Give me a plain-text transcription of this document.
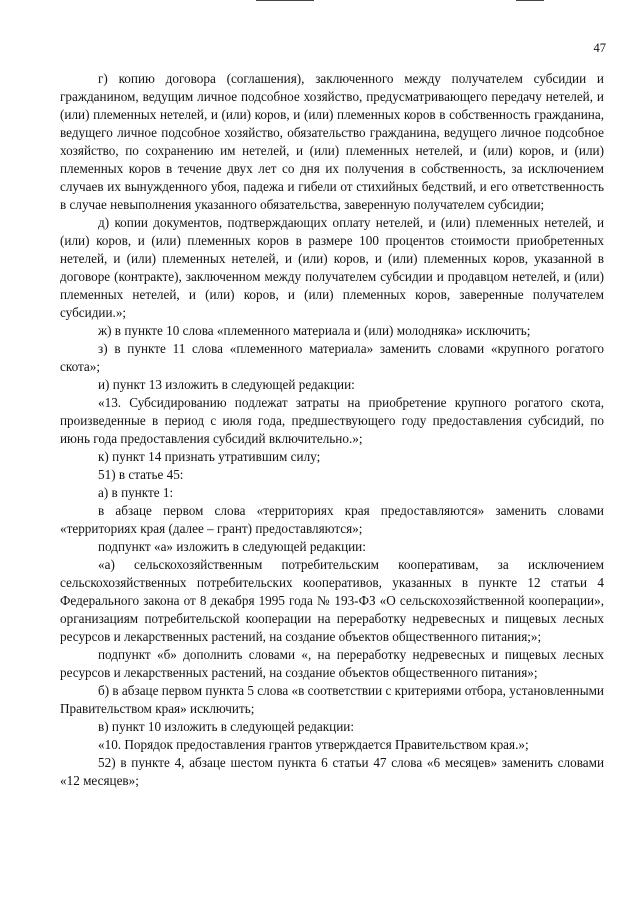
47

г) копию договора (соглашения), заключенного между получателем субсидии и гражданином, ведущим личное подсобное хозяйство, предусматривающего передачу нетелей, и (или) племенных нетелей, и (или) коров, и (или) племенных коров в собственность гражданина, ведущего личное подсобное хозяйство, обязательство гражданина, ведущего личное подсобное хозяйство, по сохранению им нетелей, и (или) племенных нетелей, и (или) коров, и (или) племенных коров в течение двух лет со дня их получения в собственность, за исключением случаев их вынужденного убоя, падежа и гибели от стихийных бедствий, и его ответственность в случае невыполнения указанного обязательства, заверенную получателем субсидии;

д) копии документов, подтверждающих оплату нетелей, и (или) племенных нетелей, и (или) коров, и (или) племенных коров в размере 100 процентов стоимости приобретенных нетелей, и (или) племенных нетелей, и (или) коров, и (или) племенных коров, указанной в договоре (контракте), заключенном между получателем субсидии и продавцом нетелей, и (или) племенных нетелей, и (или) коров, и (или) племенных коров, заверенные получателем субсидии.»;

ж) в пункте 10 слова «племенного материала и (или) молодняка» исключить;

з) в пункте 11 слова «племенного материала» заменить словами «крупного рогатого скота»;

и) пункт 13 изложить в следующей редакции:

«13. Субсидированию подлежат затраты на приобретение крупного рогатого скота, произведенные в период с июля года, предшествующего году предоставления субсидий, по июнь года предоставления субсидий включительно.»;

к) пункт 14 признать утратившим силу;

51) в статье 45:

а) в пункте 1:

в абзаце первом слова «территориях края предоставляются» заменить словами «территориях края (далее – грант) предоставляются»;

подпункт «а» изложить в следующей редакции:

«а) сельскохозяйственным потребительским кооперативам, за исключением сельскохозяйственных потребительских кооперативов, указанных в пункте 12 статьи 4 Федерального закона от 8 декабря 1995 года № 193-ФЗ «О сельскохозяйственной кооперации», организациям потребительской кооперации на переработку недревесных и пищевых лесных ресурсов и лекарственных растений, на создание объектов общественного питания;»;

подпункт «б» дополнить словами «, на переработку недревесных и пищевых лесных ресурсов и лекарственных растений, на создание объектов общественного питания»;

б) в абзаце первом пункта 5 слова «в соответствии с критериями отбора, установленными Правительством края» исключить;

в) пункт 10 изложить в следующей редакции:

«10. Порядок предоставления грантов утверждается Правительством края.»;

52) в пункте 4, абзаце шестом пункта 6 статьи 47 слова «6 месяцев» заменить словами «12 месяцев»;
